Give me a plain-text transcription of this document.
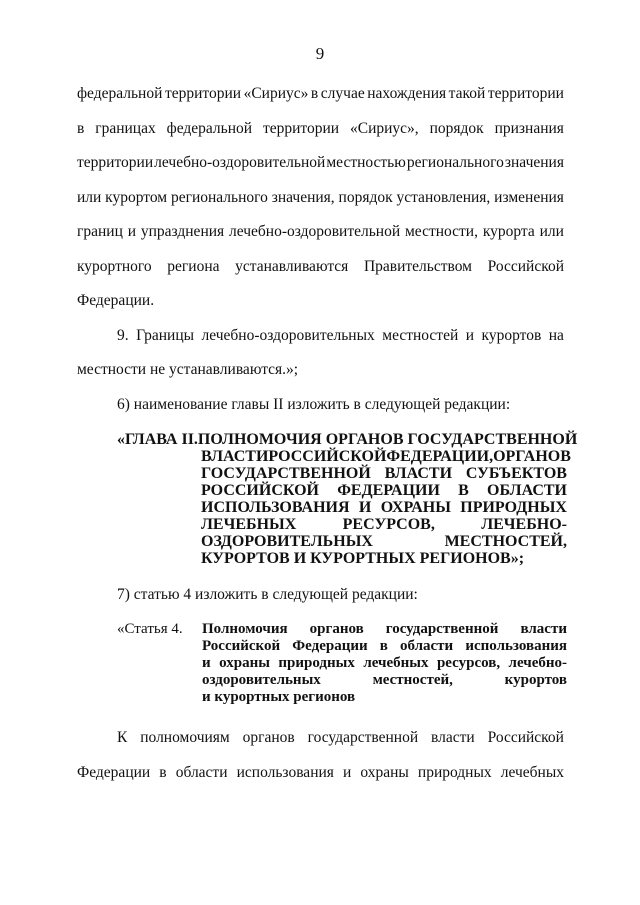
9
федеральной территории «Сириус» в случае нахождения такой территории
в границах федеральной территории «Сириус», порядок признания
территории лечебно-оздоровительной местностью регионального значения
или курортом регионального значения, порядок установления, изменения
границ и упразднения лечебно-оздоровительной местности, курорта или
курортного региона устанавливаются Правительством Российской
Федерации.
9. Границы лечебно-оздоровительных местностей и курортов на
местности не устанавливаются.»;
6) наименование главы II изложить в следующей редакции:
«ГЛАВА II. ПОЛНОМОЧИЯ ОРГАНОВ ГОСУДАРСТВЕННОЙ
ВЛАСТИ РОССИЙСКОЙ ФЕДЕРАЦИИ, ОРГАНОВ
ГОСУДАРСТВЕННОЙ ВЛАСТИ СУБЪЕКТОВ
РОССИЙСКОЙ ФЕДЕРАЦИИ В ОБЛАСТИ
ИСПОЛЬЗОВАНИЯ И ОХРАНЫ ПРИРОДНЫХ
ЛЕЧЕБНЫХ	РЕСУРСОВ,	ЛЕЧЕБНО-
ОЗДОРОВИТЕЛЬНЫХ	МЕСТНОСТЕЙ,
КУРОРТОВ И КУРОРТНЫХ РЕГИОНОВ»;
7) статью 4 изложить в следующей редакции:
«Статья 4. Полномочия органов государственной власти
Российской Федерации в области использования
и охраны природных лечебных ресурсов, лечебно-
оздоровительных	местностей,	курортов
и курортных регионов
К полномочиям органов государственной власти Российской
Федерации в области использования и охраны природных лечебных
